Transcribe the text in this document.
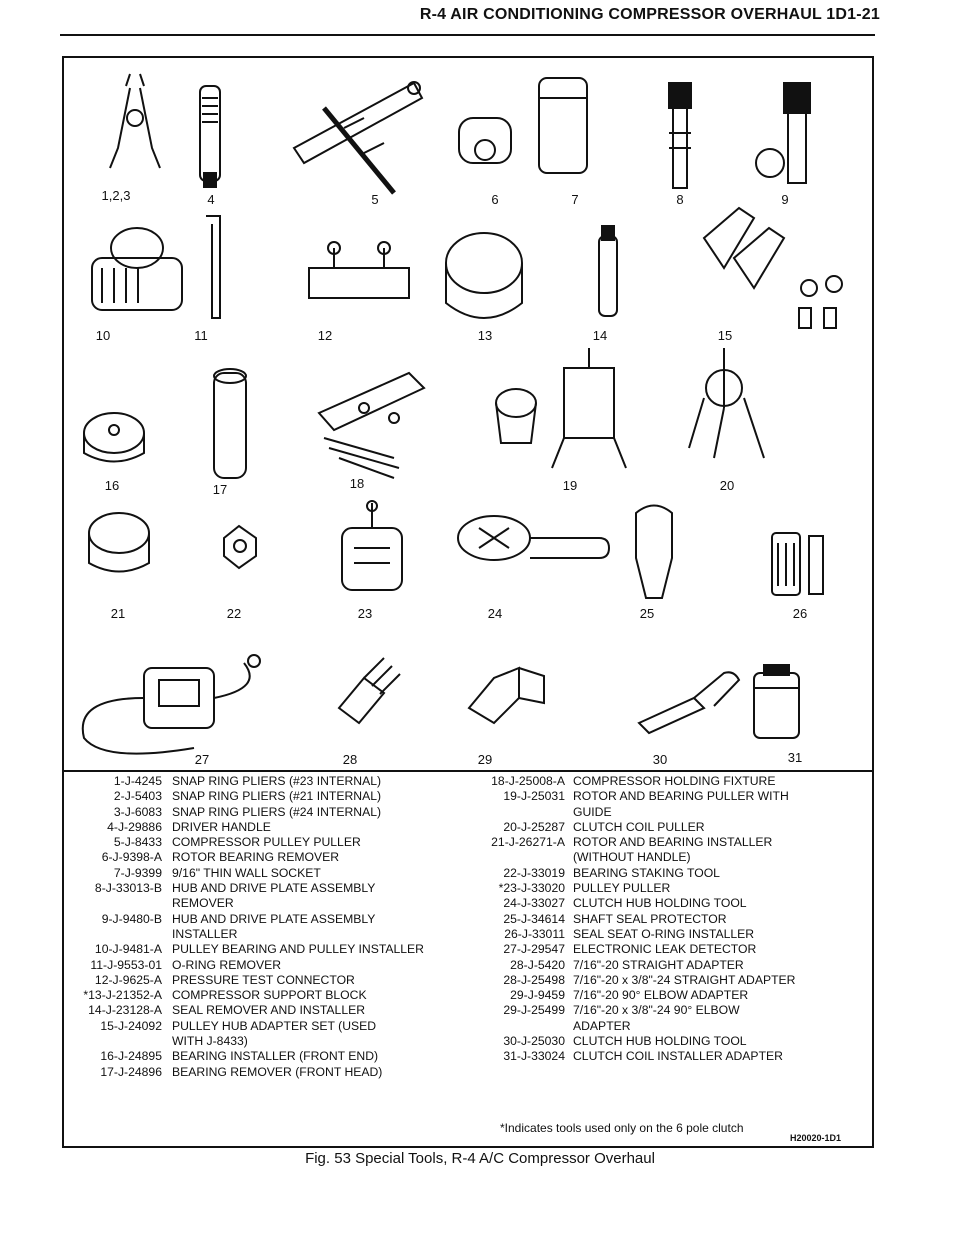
R-4 AIR CONDITIONING COMPRESSOR OVERHAUL 1D1-21
1,2,3	4	5	6	7	8	9
10	11	12	13	14	15
16	17	18	19	20
21	22	23	24	25	26
27	28	29	30	31
1-J-4245 SNAP RING PLIERS (#23 INTERNAL)
2-J-5403 SNAP RING PLIERS (#21 INTERNAL)
3-J-6083 SNAP RING PLIERS (#24 INTERNAL)
4-J-29886 DRIVER HANDLE
5-J-8433 COMPRESSOR PULLEY PULLER
6-J-9398-A ROTOR BEARING REMOVER
7-J-9399 9/16" THIN WALL SOCKET
8-J-33013-B HUB AND DRIVE PLATE ASSEMBLY
REMOVER
9-J-9480-B HUB AND DRIVE PLATE ASSEMBLY
INSTALLER
10-J-9481-A PULLEY BEARING AND PULLEY INSTALLER
11-J-9553-01 O-RING REMOVER
12-J-9625-A PRESSURE TEST CONNECTOR
*13-J-21352-A COMPRESSOR SUPPORT BLOCK
14-J-23128-A SEAL REMOVER AND INSTALLER
15-J-24092 PULLEY HUB ADAPTER SET (USED
WITH J-8433)
16-J-24895 BEARING INSTALLER (FRONT END)
17-J-24896 BEARING REMOVER (FRONT HEAD)
18-J-25008-A COMPRESSOR HOLDING FIXTURE
19-J-25031 ROTOR AND BEARING PULLER WITH
GUIDE
20-J-25287 CLUTCH COIL PULLER
21-J-26271-A ROTOR AND BEARING INSTALLER
(WITHOUT HANDLE)
22-J-33019 BEARING STAKING TOOL
*23-J-33020 PULLEY PULLER
24-J-33027 CLUTCH HUB HOLDING TOOL
25-J-34614 SHAFT SEAL PROTECTOR
26-J-33011 SEAL SEAT O-RING INSTALLER
27-J-29547 ELECTRONIC LEAK DETECTOR
28-J-5420 7/16"-20 STRAIGHT ADAPTER
28-J-25498 7/16"-20 x 3/8"-24 STRAIGHT ADAPTER
29-J-9459 7/16"-20 90° ELBOW ADAPTER
29-J-25499 7/16"-20 x 3/8"-24 90° ELBOW
ADAPTER
30-J-25030 CLUTCH HUB HOLDING TOOL
31-J-33024 CLUTCH COIL INSTALLER ADAPTER
*Indicates tools used only on the 6 pole clutch
H20020-1D1
Fig. 53 Special Tools, R-4 A/C Compressor Overhaul
